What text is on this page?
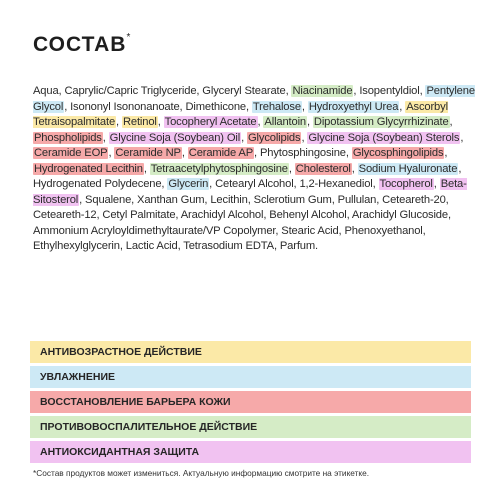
СОСТАВ*
Aqua, Caprylic/Capric Triglyceride, Glyceryl Stearate, Niacinamide, Isopentyldiol, Pentylene Glycol, Isononyl Isononanoate, Dimethicone, Trehalose, Hydroxyethyl Urea, Ascorbyl Tetraisopalmitate, Retinol, Tocopheryl Acetate, Allantoin, Dipotassium Glycyrrhizinate, Phospholipids, Glycine Soja (Soybean) Oil, Glycolipids, Glycine Soja (Soybean) Sterols, Ceramide EOP, Ceramide NP, Ceramide AP, Phytosphingosine, Glycosphingolipids, Hydrogenated Lecithin, Tetraacetylphytosphingosine, Cholesterol, Sodium Hyaluronate, Hydrogenated Polydecene, Glycerin, Cetearyl Alcohol, 1,2-Hexanediol, Tocopherol, Beta-Sitosterol, Squalene, Xanthan Gum, Lecithin, Sclerotium Gum, Pullulan, Ceteareth-20, Ceteareth-12, Cetyl Palmitate, Arachidyl Alcohol, Behenyl Alcohol, Arachidyl Glucoside, Ammonium Acryloyldimethyltaurate/VP Copolymer, Stearic Acid, Phenoxyethanol, Ethylhexylglycerin, Lactic Acid, Tetrasodium EDTA, Parfum.
АНТИВОЗРАСТНОЕ ДЕЙСТВИЕ
УВЛАЖНЕНИЕ
ВОССТАНОВЛЕНИЕ БАРЬЕРА КОЖИ
ПРОТИВОВОСПАЛИТЕЛЬНОЕ ДЕЙСТВИЕ
АНТИОКСИДАНТНАЯ ЗАЩИТА
*Состав продуктов может измениться. Актуальную информацию смотрите на этикетке.
